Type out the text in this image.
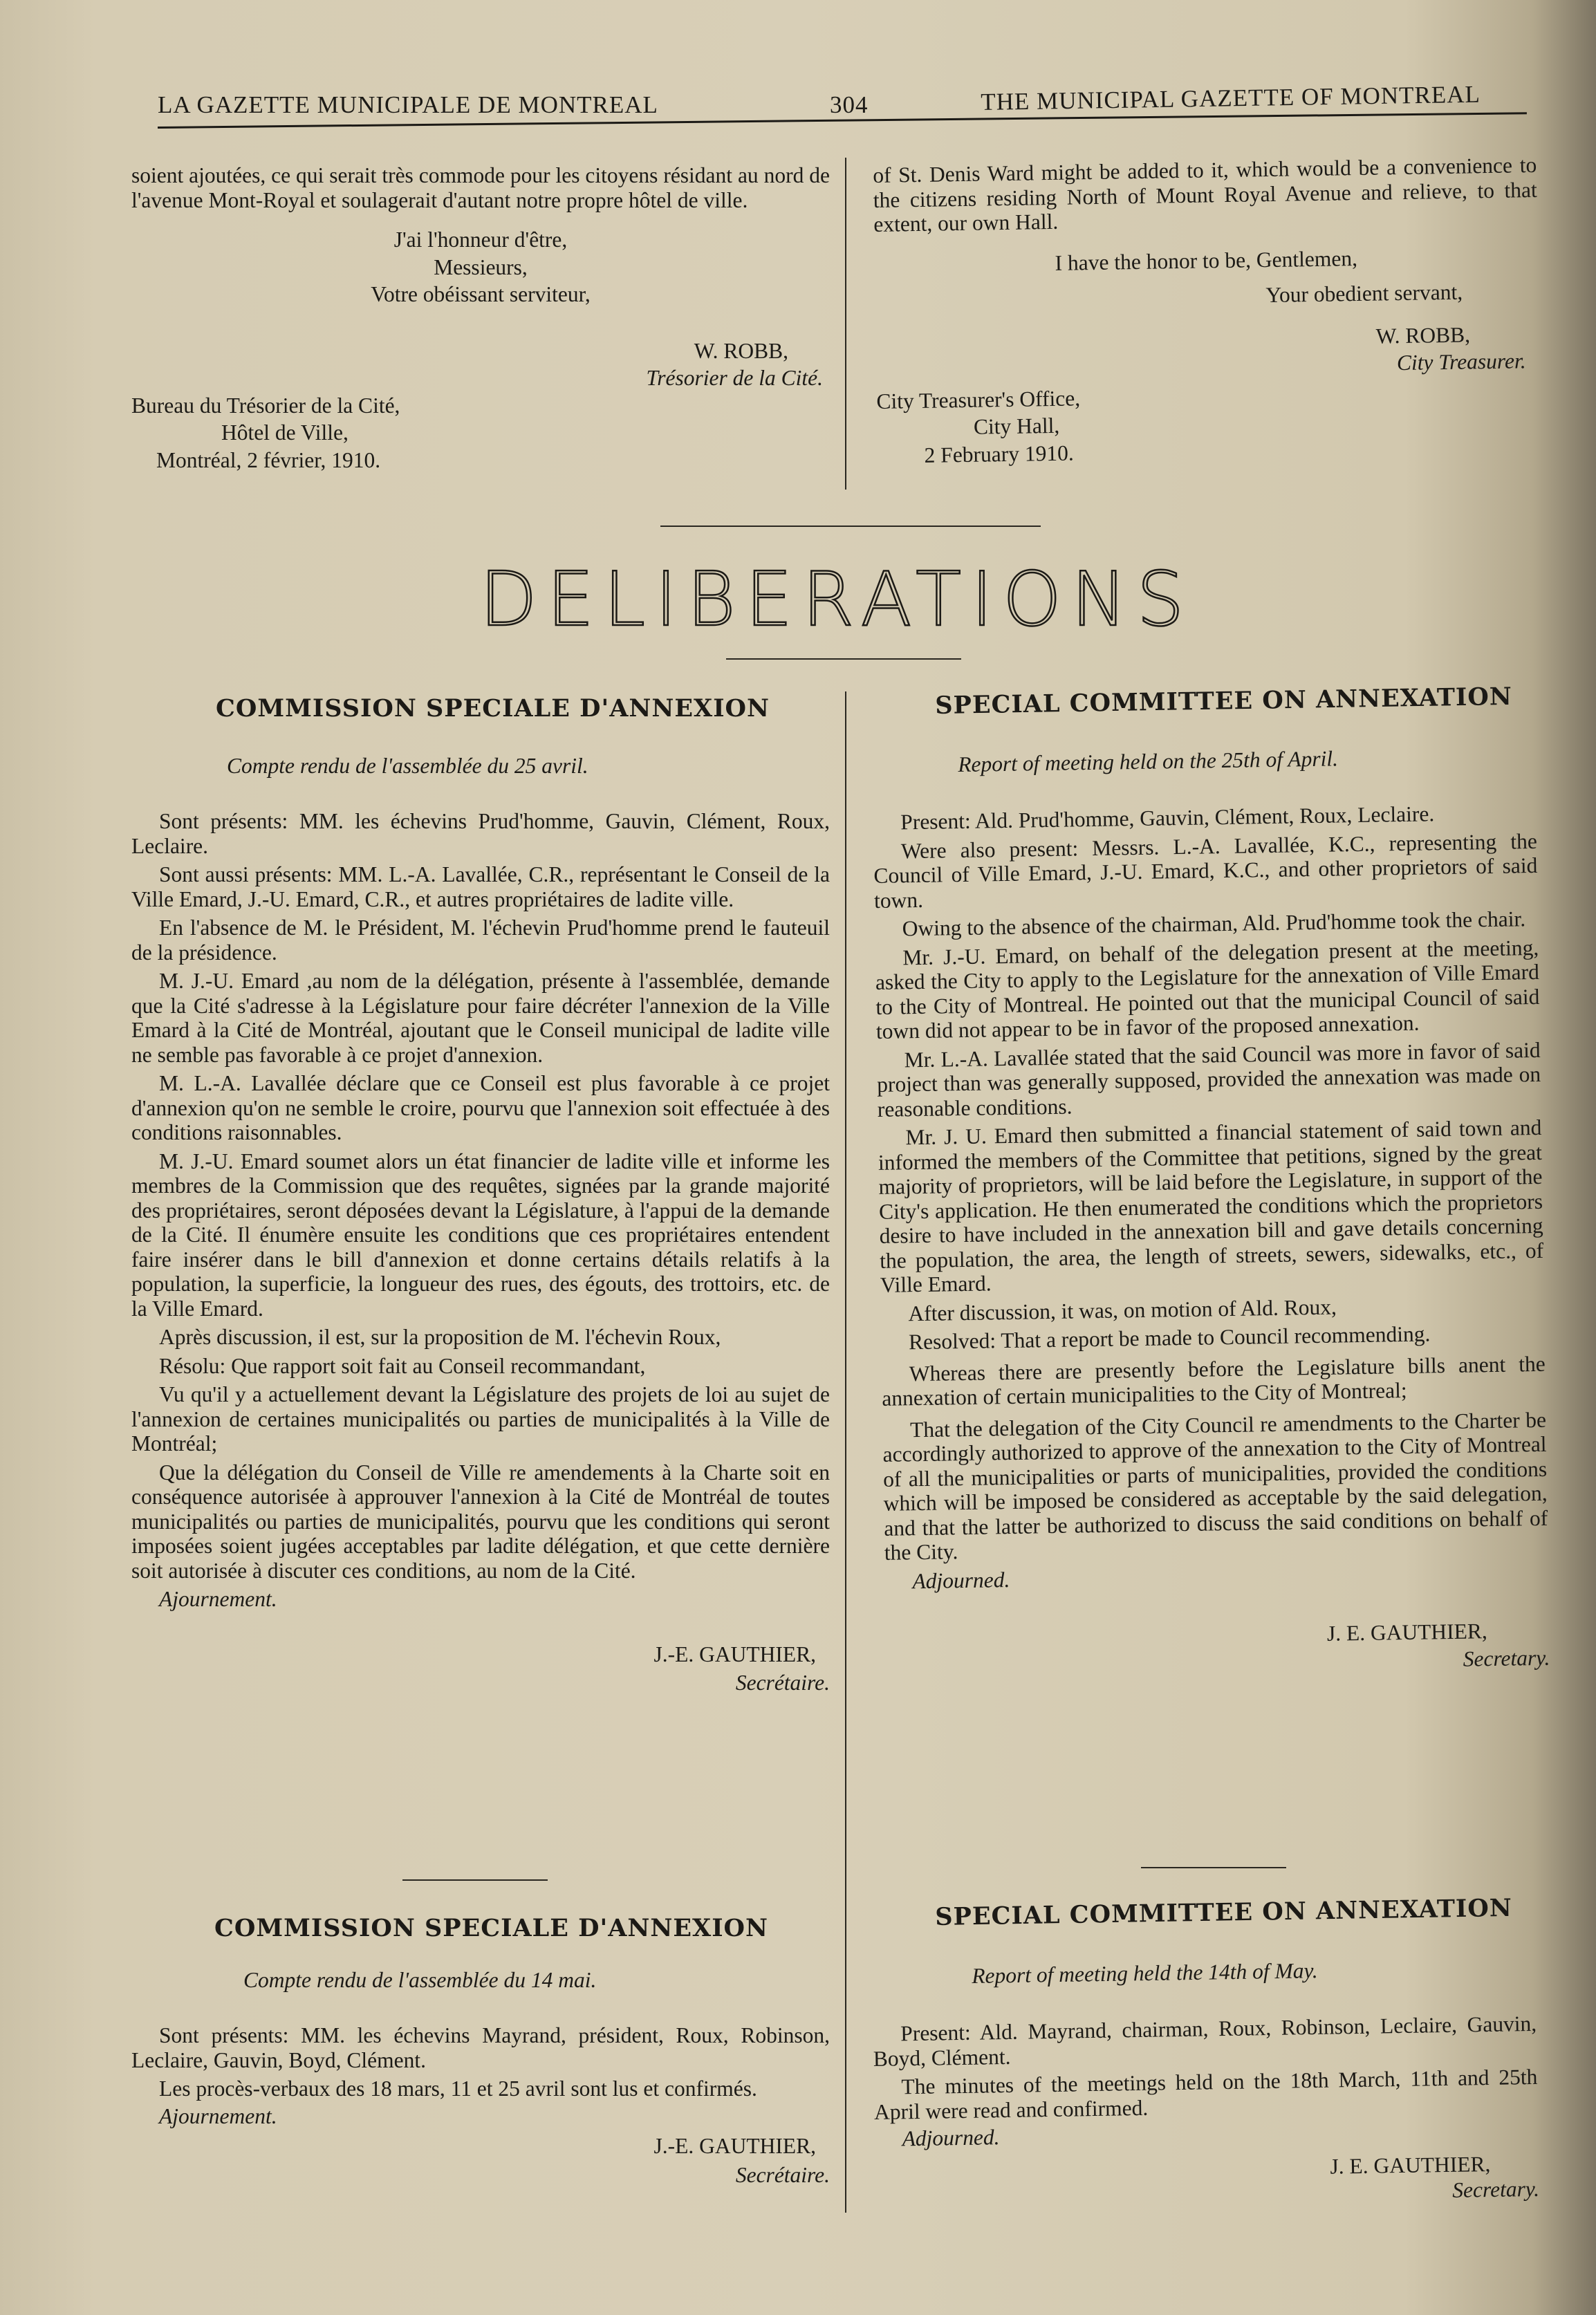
LA GAZETTE MUNICIPALE DE MONTREAL	304	THE MUNICIPAL GAZETTE OF MONTREAL

soient ajoutées, ce qui serait très commode pour les citoyens résidant au nord de l'avenue Mont-Royal et soulagerait d'autant notre propre hôtel de ville.

J'ai l'honneur d'être,
Messieurs,
Votre obéissant serviteur,
W. ROBB,
Trésorier de la Cité.
Bureau du Trésorier de la Cité,
Hôtel de Ville,
Montréal, 2 février, 1910.

of St. Denis Ward might be added to it, which would be a convenience to the citizens residing North of Mount Royal Avenue and relieve, to that extent, our own Hall.

I have the honor to be, Gentlemen,
Your obedient servant,
W. ROBB,
City Treasurer.
City Treasurer's Office,
City Hall,
2 February 1910.
DELIBERATIONS
COMMISSION SPECIALE D'ANNEXION
Compte rendu de l'assemblée du 25 avril.

Sont présents: MM. les échevins Prud'homme, Gauvin, Clément, Roux, Leclaire.

Sont aussi présents: MM. L.-A. Lavallée, C.R., représentant le Conseil de la Ville Emard, J.-U. Emard, C.R., et autres propriétaires de ladite ville.

En l'absence de M. le Président, M. l'échevin Prud'homme prend le fauteuil de la présidence.

M. J.-U. Emard ,au nom de la délégation, présente à l'assemblée, demande que la Cité s'adresse à la Législature pour faire décréter l'annexion de la Ville Emard à la Cité de Montréal, ajoutant que le Conseil municipal de ladite ville ne semble pas favorable à ce projet d'annexion.

M. L.-A. Lavallée déclare que ce Conseil est plus favorable à ce projet d'annexion qu'on ne semble le croire, pourvu que l'annexion soit effectuée à des conditions raisonnables.

M. J.-U. Emard soumet alors un état financier de ladite ville et informe les membres de la Commission que des requêtes, signées par la grande majorité des propriétaires, seront déposées devant la Législature, à l'appui de la demande de la Cité. Il énumère ensuite les conditions que ces propriétaires entendent faire insérer dans le bill d'annexion et donne certains détails relatifs à la population, la superficie, la longueur des rues, des égouts, des trottoirs, etc. de la Ville Emard.

Après discussion, il est, sur la proposition de M. l'échevin Roux,

Résolu: Que rapport soit fait au Conseil recommandant,

Vu qu'il y a actuellement devant la Législature des projets de loi au sujet de l'annexion de certaines municipalités ou parties de municipalités à la Ville de Montréal;

Que la délégation du Conseil de Ville re amendements à la Charte soit en conséquence autorisée à approuver l'annexion à la Cité de Montréal de toutes municipalités ou parties de municipalités, pourvu que les conditions qui seront imposées soient jugées acceptables par ladite délégation, et que cette dernière soit autorisée à discuter ces conditions, au nom de la Cité.

Ajournement.

J.-E. GAUTHIER,
Secrétaire.
SPECIAL COMMITTEE ON ANNEXATION
Report of meeting held on the 25th of April.

Present: Ald. Prud'homme, Gauvin, Clément, Roux, Leclaire.

Were also present: Messrs. L.-A. Lavallée, K.C., representing the Council of Ville Emard, J.-U. Emard, K.C., and other proprietors of said town.

Owing to the absence of the chairman, Ald. Prud'homme took the chair.

Mr. J.-U. Emard, on behalf of the delegation present at the meeting, asked the City to apply to the Legislature for the annexation of Ville Emard to the City of Montreal. He pointed out that the municipal Council of said town did not appear to be in favor of the proposed annexation.

Mr. L.-A. Lavallée stated that the said Council was more in favor of said project than was generally supposed, provided the annexation was made on reasonable conditions.

Mr. J. U. Emard then submitted a financial statement of said town and informed the members of the Committee that petitions, signed by the great majority of proprietors, will be laid before the Legislature, in support of the City's application. He then enumerated the conditions which the proprietors desire to have included in the annexation bill and gave details concerning the population, the area, the length of streets, sewers, sidewalks, etc., of Ville Emard.

After discussion, it was, on motion of Ald. Roux,

Resolved: That a report be made to Council recommending.

Whereas there are presently before the Legislature bills anent the annexation of certain municipalities to the City of Montreal;

That the delegation of the City Council re amendments to the Charter be accordingly authorized to approve of the annexation to the City of Montreal of all the municipalities or parts of municipalities, provided the conditions which will be imposed be considered as acceptable by the said delegation, and that the latter be authorized to discuss the said conditions on behalf of the City.

Adjourned.

J. E. GAUTHIER,
Secretary.
COMMISSION SPECIALE D'ANNEXION
Compte rendu de l'assemblée du 14 mai.

Sont présents: MM. les échevins Mayrand, président, Roux, Robinson, Leclaire, Gauvin, Boyd, Clément.

Les procès-verbaux des 18 mars, 11 et 25 avril sont lus et confirmés.

Ajournement.

J.-E. GAUTHIER,
Secrétaire.
SPECIAL COMMITTEE ON ANNEXATION
Report of meeting held the 14th of May.

Present: Ald. Mayrand, chairman, Roux, Robinson, Leclaire, Gauvin, Boyd, Clément.

The minutes of the meetings held on the 18th March, 11th and 25th April were read and confirmed.

Adjourned.

J. E. GAUTHIER,
Secretary.
